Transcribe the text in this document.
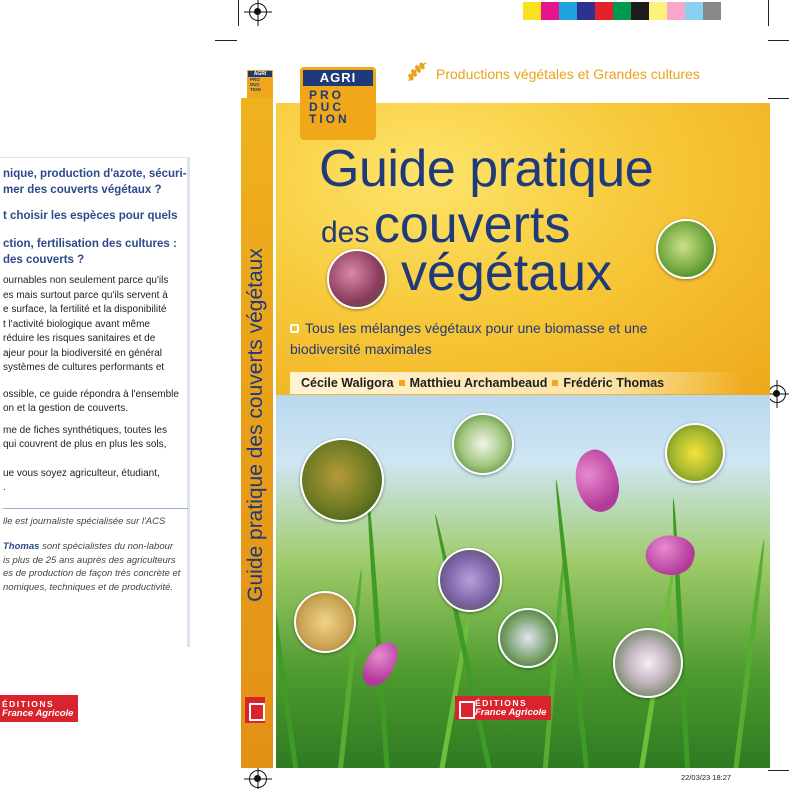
nique, production d'azote, sécuri-
mer des couverts végétaux ?
t choisir les espèces pour quels
ction, fertilisation des cultures :
des couverts ?
ournables non seulement parce qu'ils
es mais surtout parce qu'ils servent à
e surface, la fertilité et la disponibilité
t l'activité biologique avant même
réduire les risques sanitaires et de
ajeur pour la biodiversité en général
systèmes de cultures performants et
ossible, ce guide répondra à l'ensemble
on et la gestion de couverts.
me de fiches synthétiques, toutes les
qui couvrent de plus en plus les sols,
ue vous soyez agriculteur, étudiant,
.
lle est journaliste spécialisée sur l'ACS
Thomas sont spécialistes du non-labour
is plus de 25 ans auprès des agriculteurs
es de production de façon très concrète et
nomiques, techniques et de productivité.
ÉDITIONS
France Agricole
Guide pratique des couverts végétaux
AGRI
PRO
DUC
TION
AGRI
PRO
DUC
TION
Productions végétales et Grandes cultures
Guide pratique
des couverts
végétaux
Tous les mélanges végétaux pour une biomasse et une biodiversité maximales
Cécile Waligora Matthieu Archambeaud Frédéric Thomas
ÉDITIONS
France Agricole
22/03/23 18:27
